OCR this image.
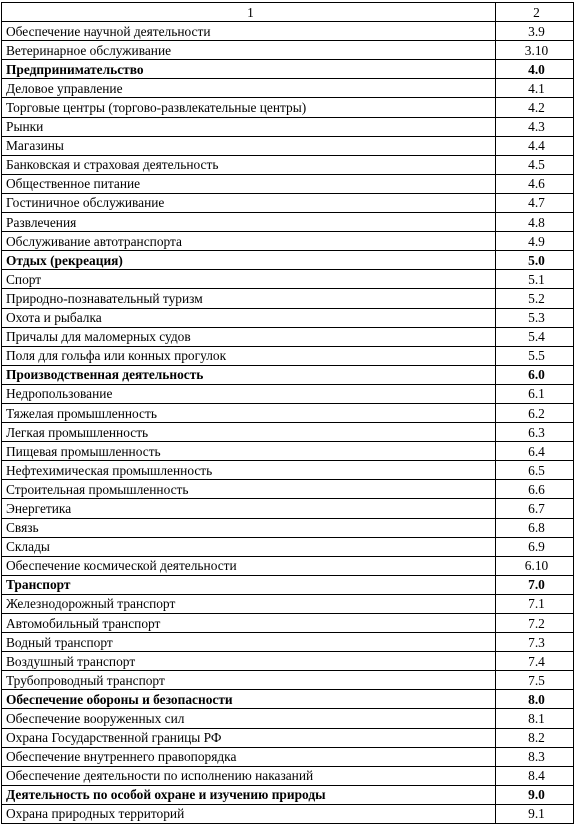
1	2
Обеспечение научной деятельности	3.9
Ветеринарное обслуживание	3.10
Предпринимательство	4.0
Деловое управление	4.1
Торговые центры (торгово-развлекательные центры)	4.2
Рынки	4.3
Магазины	4.4
Банковская и страховая деятельность	4.5
Общественное питание	4.6
Гостиничное обслуживание	4.7
Развлечения	4.8
Обслуживание автотранспорта	4.9
Отдых (рекреация)	5.0
Спорт	5.1
Природно-познавательный туризм	5.2
Охота и рыбалка	5.3
Причалы для маломерных судов	5.4
Поля для гольфа или конных прогулок	5.5
Производственная деятельность	6.0
Недропользование	6.1
Тяжелая промышленность	6.2
Легкая промышленность	6.3
Пищевая промышленность	6.4
Нефтехимическая промышленность	6.5
Строительная промышленность	6.6
Энергетика	6.7
Связь	6.8
Склады	6.9
Обеспечение космической деятельности	6.10
Транспорт	7.0
Железнодорожный транспорт	7.1
Автомобильный транспорт	7.2
Водный транспорт	7.3
Воздушный транспорт	7.4
Трубопроводный транспорт	7.5
Обеспечение обороны и безопасности	8.0
Обеспечение вооруженных сил	8.1
Охрана Государственной границы РФ	8.2
Обеспечение внутреннего правопорядка	8.3
Обеспечение деятельности по исполнению наказаний	8.4
Деятельность по особой охране и изучению природы	9.0
Охрана природных территорий	9.1
